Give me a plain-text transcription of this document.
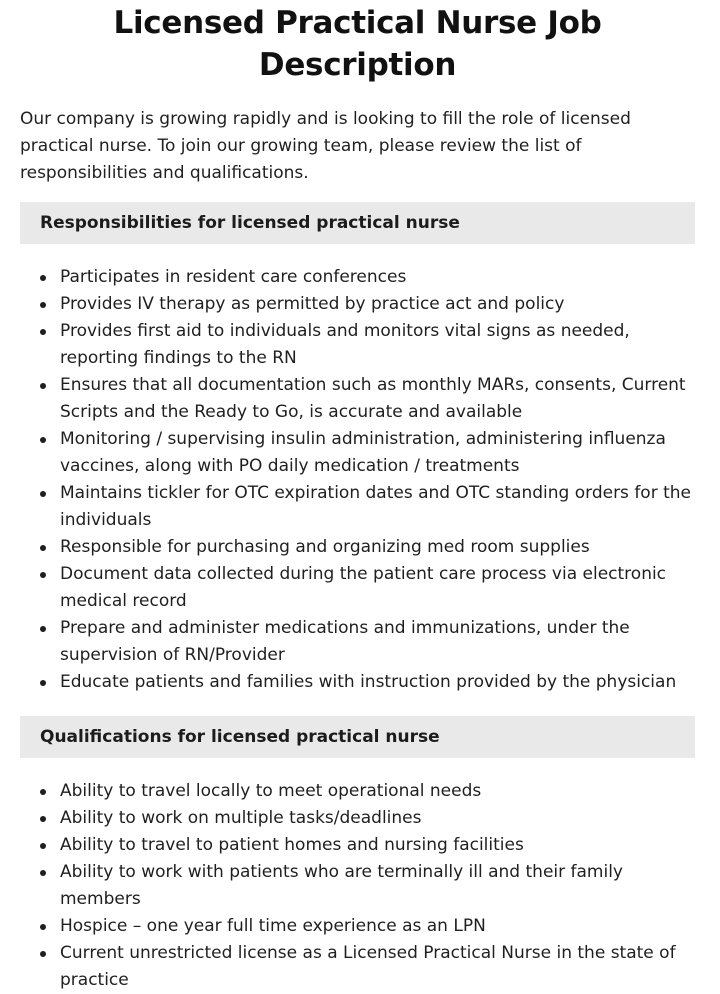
Licensed Practical Nurse Job Description

Our company is growing rapidly and is looking to fill the role of licensed practical nurse. To join our growing team, please review the list of responsibilities and qualifications.

Responsibilities for licensed practical nurse
Participates in resident care conferences
Provides IV therapy as permitted by practice act and policy
Provides first aid to individuals and monitors vital signs as needed, reporting findings to the RN
Ensures that all documentation such as monthly MARs, consents, Current Scripts and the Ready to Go, is accurate and available
Monitoring / supervising insulin administration, administering influenza vaccines, along with PO daily medication / treatments
Maintains tickler for OTC expiration dates and OTC standing orders for the individuals
Responsible for purchasing and organizing med room supplies
Document data collected during the patient care process via electronic medical record
Prepare and administer medications and immunizations, under the supervision of RN/Provider
Educate patients and families with instruction provided by the physician
Qualifications for licensed practical nurse
Ability to travel locally to meet operational needs
Ability to work on multiple tasks/deadlines
Ability to travel to patient homes and nursing facilities
Ability to work with patients who are terminally ill and their family members
Hospice – one year full time experience as an LPN
Current unrestricted license as a Licensed Practical Nurse in the state of practice
